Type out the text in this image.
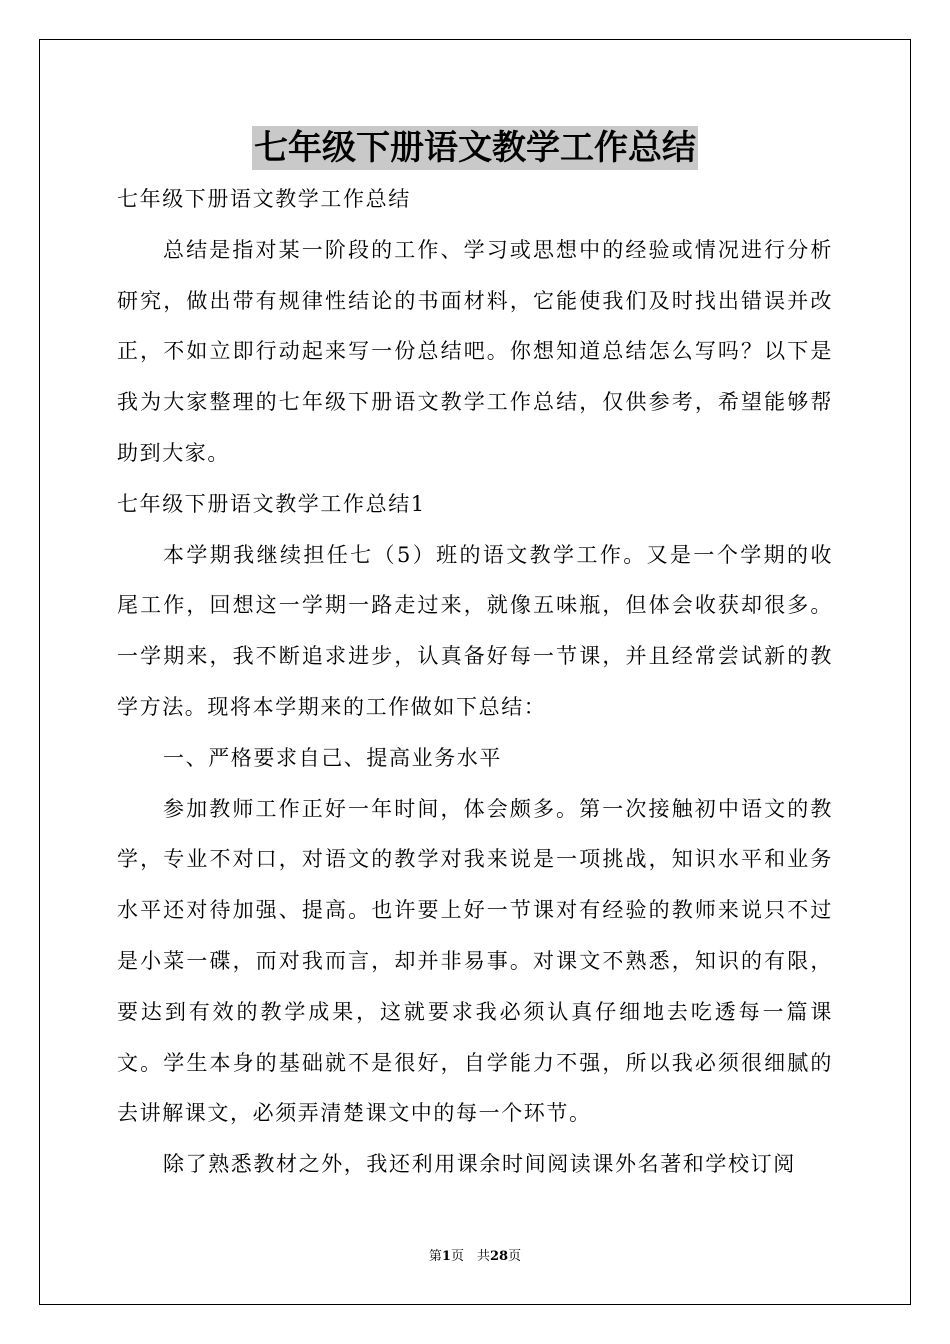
七年级下册语文教学工作总结

七年级下册语文教学工作总结

总结是指对某一阶段的工作、学习或思想中的经验或情况进行分析研究，做出带有规律性结论的书面材料，它能使我们及时找出错误并改正，不如立即行动起来写一份总结吧。你想知道总结怎么写吗？以下是我为大家整理的七年级下册语文教学工作总结，仅供参考，希望能够帮助到大家。

七年级下册语文教学工作总结1

本学期我继续担任七（5）班的语文教学工作。又是一个学期的收尾工作，回想这一学期一路走过来，就像五味瓶，但体会收获却很多。一学期来，我不断追求进步，认真备好每一节课，并且经常尝试新的教学方法。现将本学期来的工作做如下总结：

一、严格要求自己、提高业务水平

参加教师工作正好一年时间，体会颇多。第一次接触初中语文的教学，专业不对口，对语文的教学对我来说是一项挑战，知识水平和业务水平还对待加强、提高。也许要上好一节课对有经验的教师来说只不过是小菜一碟，而对我而言，却并非易事。对课文不熟悉，知识的有限，要达到有效的教学成果，这就要求我必须认真仔细地去吃透每一篇课文。学生本身的基础就不是很好，自学能力不强，所以我必须很细腻的去讲解课文，必须弄清楚课文中的每一个环节。

除了熟悉教材之外，我还利用课余时间阅读课外名著和学校订阅

第1页　共28页
